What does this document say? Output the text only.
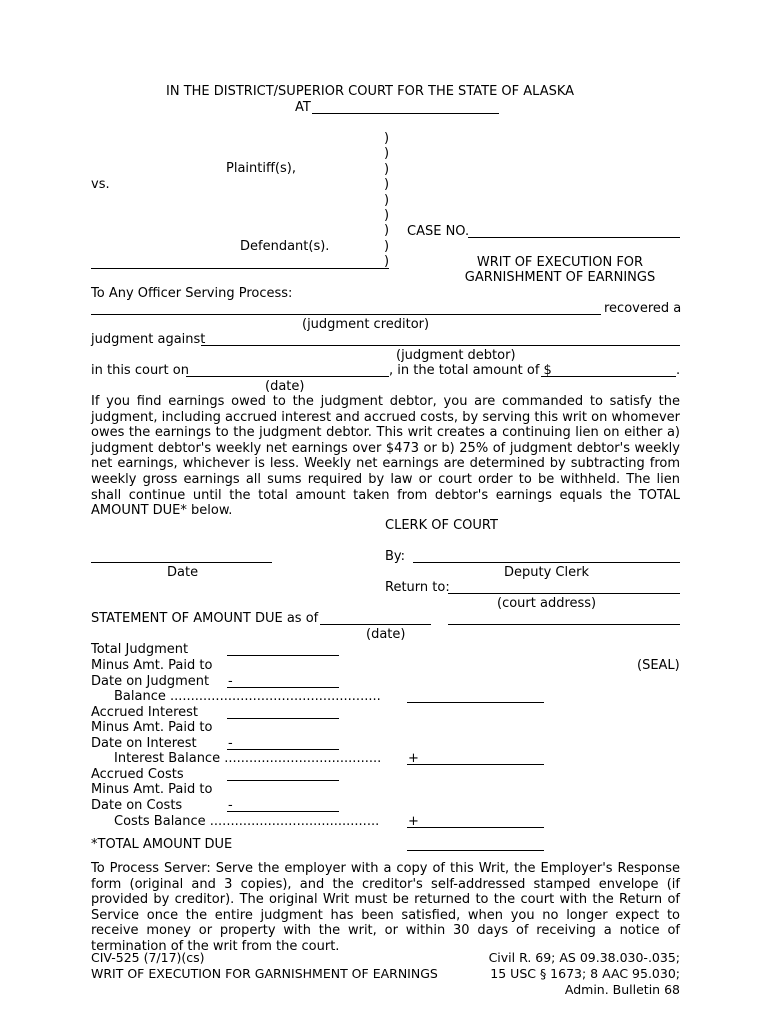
IN THE DISTRICT/SUPERIOR COURT FOR THE STATE OF ALASKA
AT
)
)
)
)
)
)
)
)
)
Plaintiff(s),
vs.
CASE NO.
Defendant(s).
WRIT OF EXECUTION FOR
GARNISHMENT OF EARNINGS
To Any Officer Serving Process:
recovered a
(judgment creditor)
judgment against
(judgment debtor)
in this court on	, in the total amount of $	.
(date)
If you find earnings owed to the judgment debtor, you are commanded to satisfy the judgment, including accrued interest and accrued costs, by serving this writ on whomever owes the earnings to the judgment debtor. This writ creates a continuing lien on either a) judgment debtor's weekly net earnings over $473 or b) 25% of judgment debtor's weekly net earnings, whichever is less. Weekly net earnings are determined by subtracting from weekly gross earnings all sums required by law or court order to be withheld. The lien shall continue until the total amount taken from debtor's earnings equals the TOTAL AMOUNT DUE* below.
CLERK OF COURT
By:
Date	Deputy Clerk
Return to:
(court address)
STATEMENT OF AMOUNT DUE as of
(date)
(SEAL)
Total Judgment
Minus Amt. Paid to
Date on Judgment -
Balance ...................................................
Accrued Interest
Minus Amt. Paid to
Date on Interest -
Interest Balance ...................................... +
Accrued Costs
Minus Amt. Paid to
Date on Costs	-
Costs Balance ......................................... +
*TOTAL AMOUNT DUE
To Process Server: Serve the employer with a copy of this Writ, the Employer's Response form (original and 3 copies), and the creditor's self-addressed stamped envelope (if provided by creditor). The original Writ must be returned to the court with the Return of Service once the entire judgment has been satisfied, when you no longer expect to receive money or property with the writ, or within 30 days of receiving a notice of termination of the writ from the court.
CIV-525 (7/17)(cs)
WRIT OF EXECUTION FOR GARNISHMENT OF EARNINGS
Civil R. 69; AS 09.38.030-.035;
15 USC § 1673; 8 AAC 95.030;
Admin. Bulletin 68
